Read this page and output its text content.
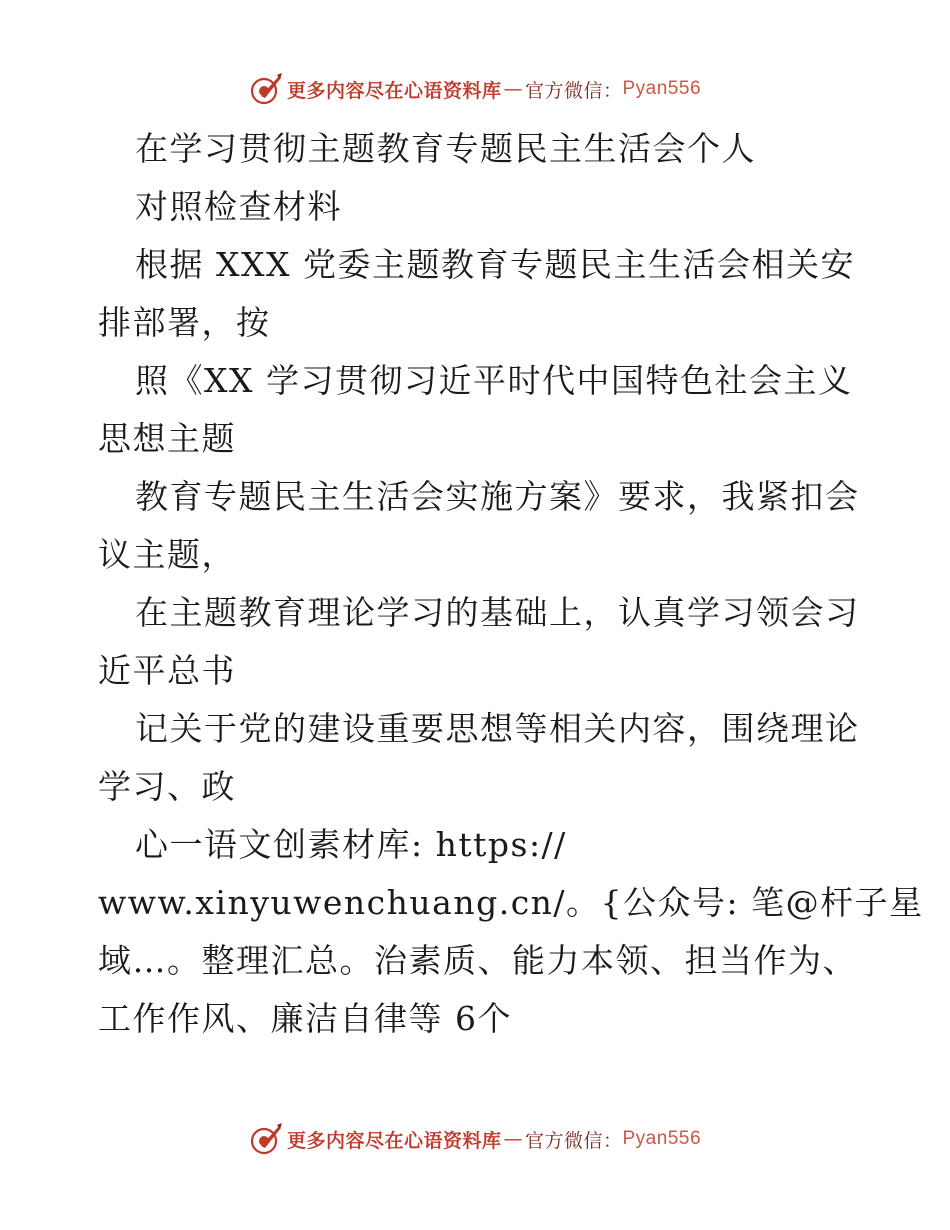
更多内容尽在心语资料库 — 官方微信： Pyan556
在学习贯彻主题教育专题民主生活会个人
对照检查材料
根据 XXX 党委主题教育专题民主生活会相关安
排部署，按
照《XX 学习贯彻习近平时代中国特色社会主义
思想主题
教育专题民主生活会实施方案》要求，我紧扣会
议主题，
在主题教育理论学习的基础上，认真学习领会习
近平总书
记关于党的建设重要思想等相关内容，围绕理论
学习、政
心一语文创素材库: https://
www.xinyuwenchuang.cn/。{公众号: 笔@杆子星
域…。整理汇总。治素质、能力本领、担当作为、
工作作风、廉洁自律等 6个
更多内容尽在心语资料库 — 官方微信： Pyan556
